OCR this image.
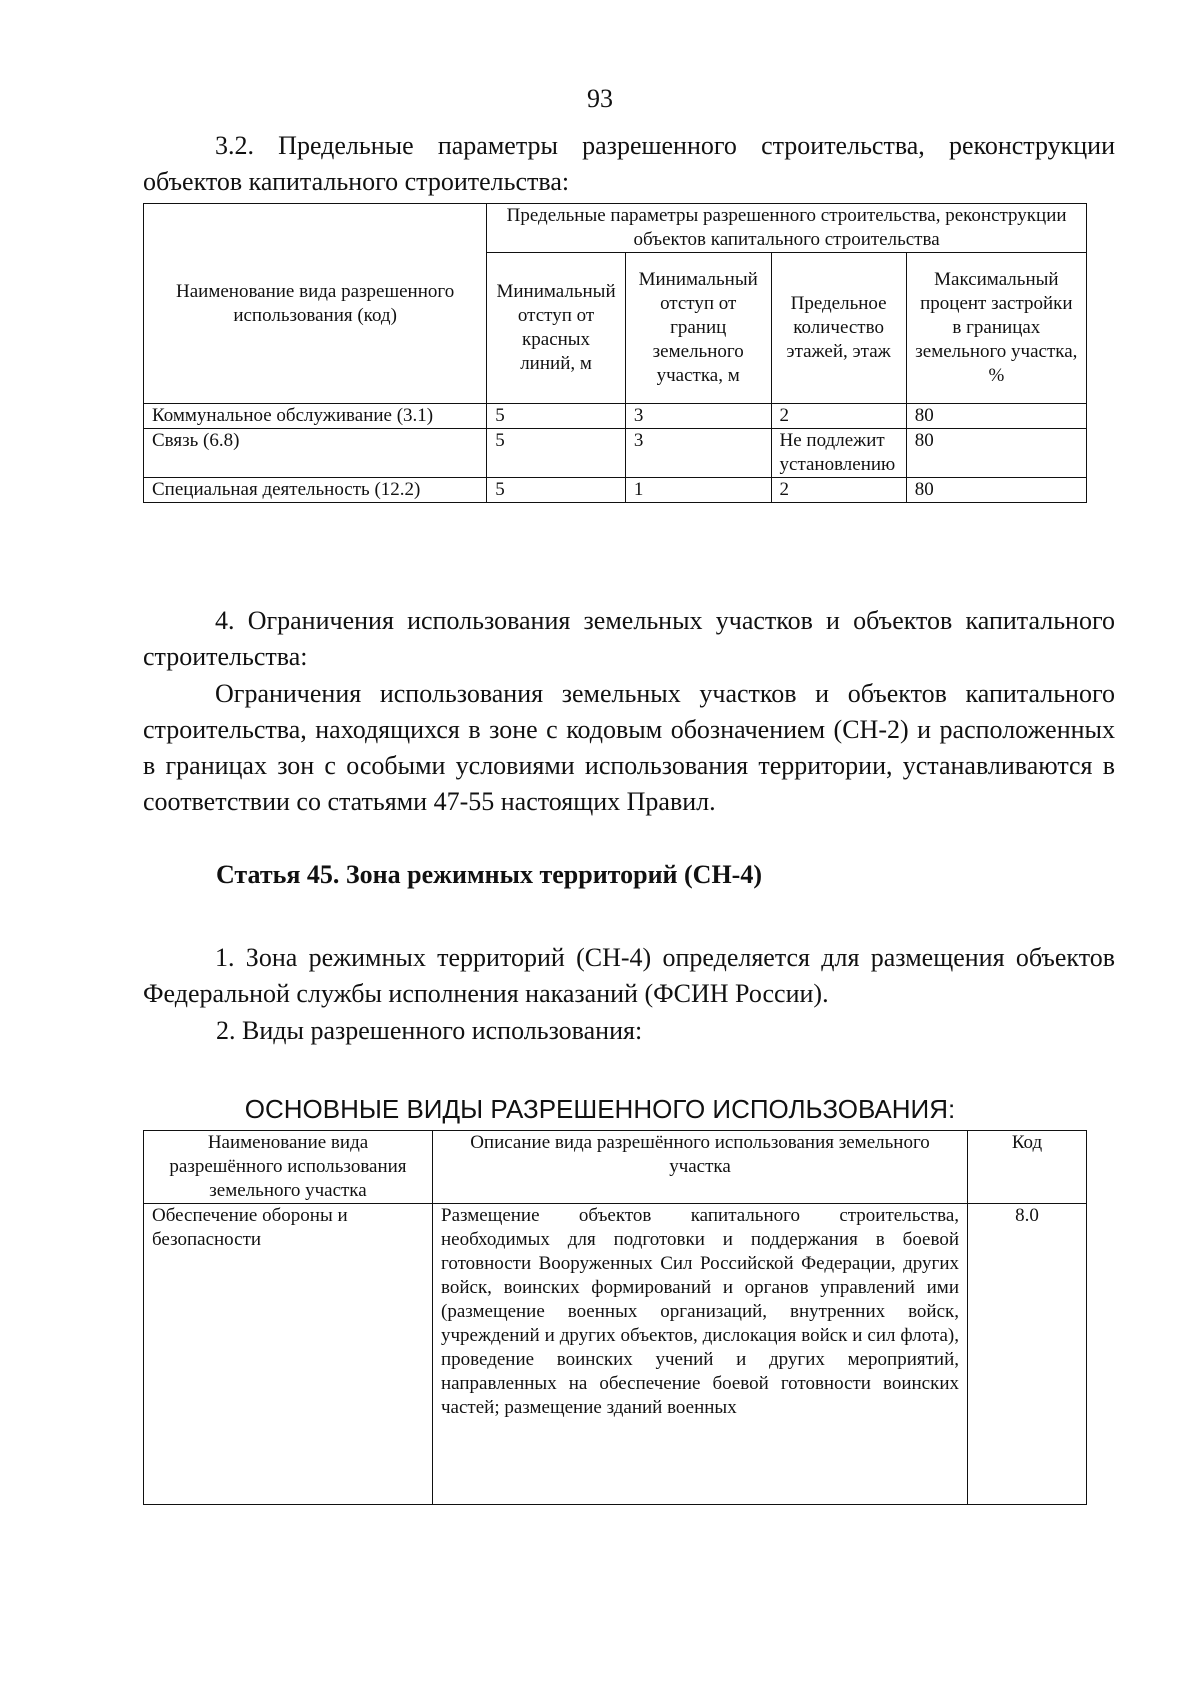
93
3.2. Предельные параметры разрешенного строительства, реконструкции объектов капитального строительства:
Наименование вида разрешенного использования (код)	Предельные параметры разрешенного строительства, реконструкции объектов капитального строительства			
	Минимальный отступ от красных линий, м	Минимальный отступ от границ земельного участка, м	Предельное количество этажей, этаж	Максимальный процент застройки в границах земельного участка, %
Коммунальное обслуживание (3.1)	5	3	2	80
Связь (6.8)	5	3	Не подлежит установлению	80
Специальная деятельность (12.2)	5	1	2	80
4. Ограничения использования земельных участков и объектов капитального строительства:
Ограничения использования земельных участков и объектов капитального строительства, находящихся в зоне с кодовым обозначением (СН-2) и расположенных в границах зон с особыми условиями использования территории, устанавливаются в соответствии со статьями 47-55 настоящих Правил.
Статья 45. Зона режимных территорий (СН-4)
1. Зона режимных территорий (СН-4) определяется для размещения объектов Федеральной службы исполнения наказаний (ФСИН России).
2. Виды разрешенного использования:
ОСНОВНЫЕ ВИДЫ РАЗРЕШЕННОГО ИСПОЛЬЗОВАНИЯ:
Наименование вида разрешённого использования земельного участка	Описание вида разрешённого использования земельного участка	Код
Обеспечение обороны и безопасности	Размещение объектов капитального строительства, необходимых для подготовки и поддержания в боевой готовности Вооруженных Сил Российской Федерации, других войск, воинских формирований и органов управлений ими (размещение военных организаций, внутренних войск, учреждений и других объектов, дислокация войск и сил флота), проведение воинских учений и других мероприятий, направленных на обеспечение боевой готовности воинских частей; размещение зданий военных	8.0
